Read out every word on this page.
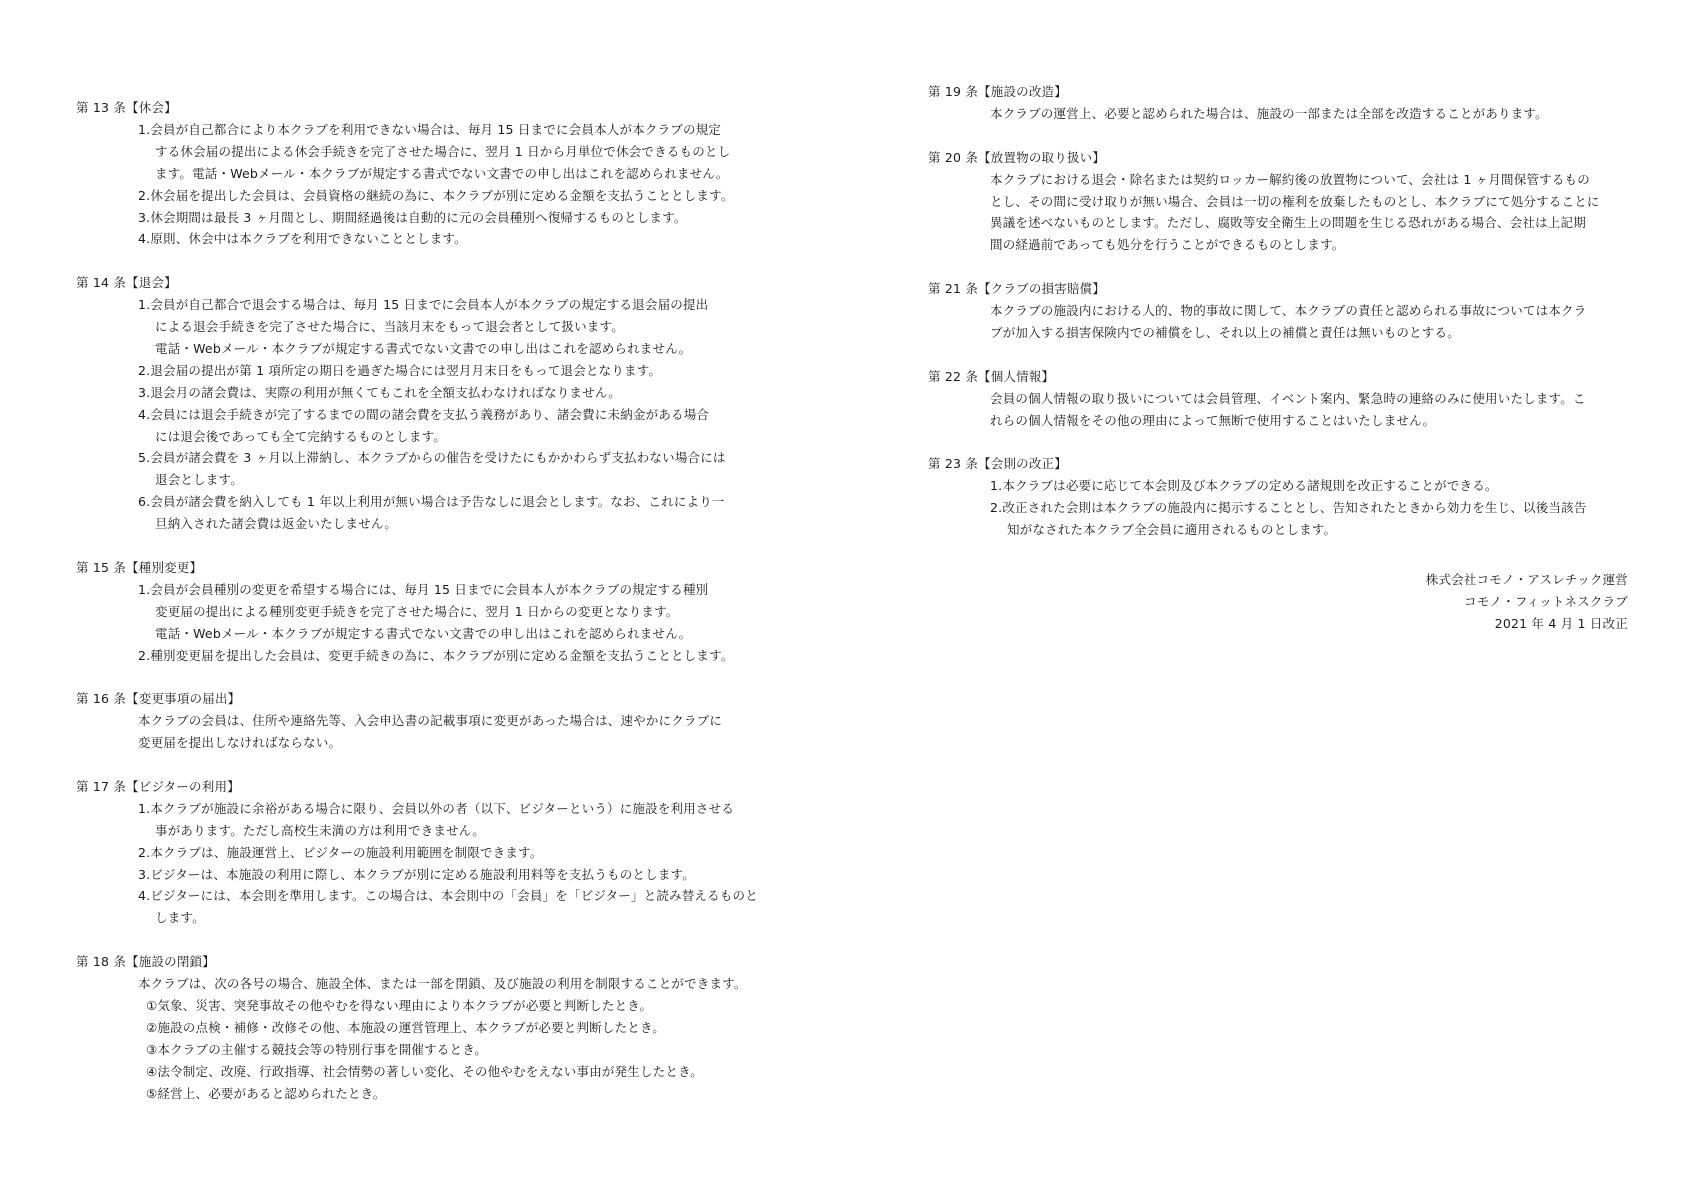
第 13 条【休会】
1.会員が自己都合により本クラブを利用できない場合は、毎月 15 日までに会員本人が本クラブの規定
する休会届の提出による休会手続きを完了させた場合に、翌月 1 日から月単位で休会できるものとし
ます。電話・Webメール・本クラブが規定する書式でない文書での申し出はこれを認められません。
2.休会届を提出した会員は、会員資格の継続の為に、本クラブが別に定める金額を支払うこととします。
3.休会期間は最長 3 ヶ月間とし、期間経過後は自動的に元の会員種別へ復帰するものとします。
4.原則、休会中は本クラブを利用できないこととします。
第 14 条【退会】
1.会員が自己都合で退会する場合は、毎月 15 日までに会員本人が本クラブの規定する退会届の提出
による退会手続きを完了させた場合に、当該月末をもって退会者として扱います。
電話・Webメール・本クラブが規定する書式でない文書での申し出はこれを認められません。
2.退会届の提出が第 1 項所定の期日を過ぎた場合には翌月月末日をもって退会となります。
3.退会月の諸会費は、実際の利用が無くてもこれを全額支払わなければなりません。
4.会員には退会手続きが完了するまでの間の諸会費を支払う義務があり、諸会費に未納金がある場合
には退会後であっても全て完納するものとします。
5.会員が諸会費を 3 ヶ月以上滞納し、本クラブからの催告を受けたにもかかわらず支払わない場合には
退会とします。
6.会員が諸会費を納入しても 1 年以上利用が無い場合は予告なしに退会とします。なお、これにより一
旦納入された諸会費は返金いたしません。
第 15 条【種別変更】
1.会員が会員種別の変更を希望する場合には、毎月 15 日までに会員本人が本クラブの規定する種別
変更届の提出による種別変更手続きを完了させた場合に、翌月 1 日からの変更となります。
電話・Webメール・本クラブが規定する書式でない文書での申し出はこれを認められません。
2.種別変更届を提出した会員は、変更手続きの為に、本クラブが別に定める金額を支払うこととします。
第 16 条【変更事項の届出】
本クラブの会員は、住所や連絡先等、入会申込書の記載事項に変更があった場合は、速やかにクラブに
変更届を提出しなければならない。
第 17 条【ビジターの利用】
1.本クラブが施設に余裕がある場合に限り、会員以外の者（以下、ビジターという）に施設を利用させる
事があります。ただし高校生未満の方は利用できません。
2.本クラブは、施設運営上、ビジターの施設利用範囲を制限できます。
3.ビジターは、本施設の利用に際し、本クラブが別に定める施設利用料等を支払うものとします。
4.ビジターには、本会則を準用します。この場合は、本会則中の「会員」を「ビジター」と読み替えるものと
します。
第 18 条【施設の閉鎖】
本クラブは、次の各号の場合、施設全体、または一部を閉鎖、及び施設の利用を制限することができます。
①気象、災害、突発事故その他やむを得ない理由により本クラブが必要と判断したとき。
②施設の点検・補修・改修その他、本施設の運営管理上、本クラブが必要と判断したとき。
③本クラブの主催する競技会等の特別行事を開催するとき。
④法令制定、改廃、行政指導、社会情勢の著しい変化、その他やむをえない事由が発生したとき。
⑤経営上、必要があると認められたとき。
株式会社コモノ・アスレチック運営
コモノ・フィットネスクラブ
2021 年 4 月 1 日改正
第 19 条【施設の改造】
本クラブの運営上、必要と認められた場合は、施設の一部または全部を改造することがあります。
第 20 条【放置物の取り扱い】
本クラブにおける退会・除名または契約ロッカー解約後の放置物について、会社は 1 ヶ月間保管するもの
とし、その間に受け取りが無い場合、会員は一切の権利を放棄したものとし、本クラブにて処分することに
異議を述べないものとします。ただし、腐敗等安全衛生上の問題を生じる恐れがある場合、会社は上記期
間の経過前であっても処分を行うことができるものとします。
第 21 条【クラブの損害賠償】
本クラブの施設内における人的、物的事故に関して、本クラブの責任と認められる事故については本クラ
ブが加入する損害保険内での補償をし、それ以上の補償と責任は無いものとする。
第 22 条【個人情報】
会員の個人情報の取り扱いについては会員管理、イベント案内、緊急時の連絡のみに使用いたします。こ
れらの個人情報をその他の理由によって無断で使用することはいたしません。
第 23 条【会則の改正】
1.本クラブは必要に応じて本会則及び本クラブの定める諸規則を改正することができる。
2.改正された会則は本クラブの施設内に掲示することとし、告知されたときから効力を生じ、以後当該告
知がなされた本クラブ全会員に適用されるものとします。
